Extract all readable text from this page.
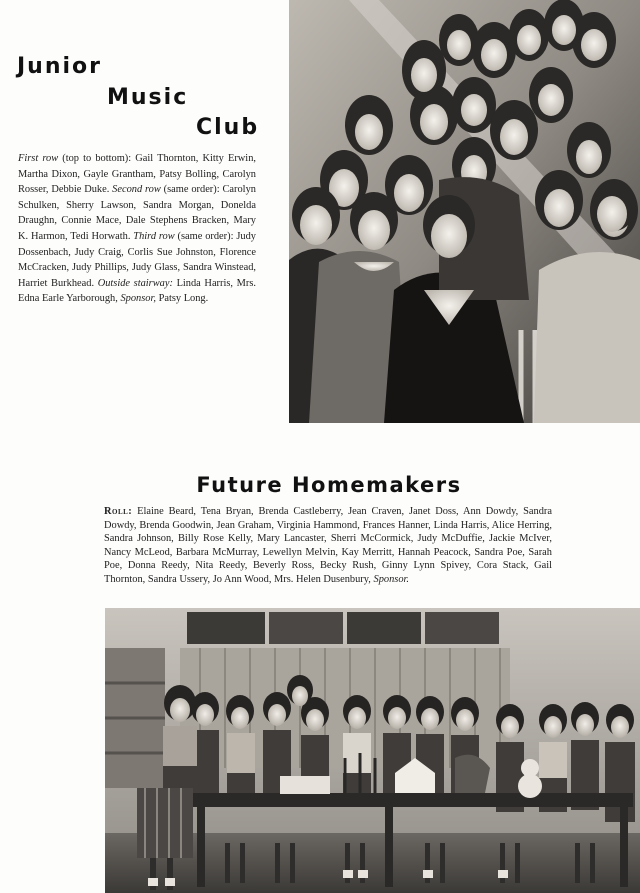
Junior
Music
Club
First row (top to bottom): Gail Thornton, Kitty Erwin, Martha Dixon, Gayle Grantham, Patsy Bolling, Carolyn Rosser, Debbie Duke. Second row (same order): Carolyn Schulken, Sherry Lawson, Sandra Morgan, Donelda Draughn, Connie Mace, Dale Stephens Bracken, Mary K. Harmon, Tedi Horwath. Third row (same order): Judy Dossenbach, Judy Craig, Corlis Sue Johnston, Florence McCracken, Judy Phillips, Judy Glass, Sandra Winstead, Harriet Burkhead. Outside stairway: Linda Harris, Mrs. Edna Earle Yarborough, Sponsor, Patsy Long.
Future Homemakers
Roll: Elaine Beard, Tena Bryan, Brenda Castleberry, Jean Craven, Janet Doss, Ann Dowdy, Sandra Dowdy, Brenda Goodwin, Jean Graham, Virginia Hammond, Frances Hanner, Linda Harris, Alice Herring, Sandra Johnson, Billy Rose Kelly, Mary Lancaster, Sherri McCormick, Judy McDuffie, Jackie McIver, Nancy McLeod, Barbara McMurray, Lewellyn Melvin, Kay Merritt, Hannah Peacock, Sandra Poe, Sarah Poe, Donna Reedy, Nita Reedy, Beverly Ross, Becky Rush, Ginny Lynn Spivey, Cora Stack, Gail Thornton, Sandra Ussery, Jo Ann Wood, Mrs. Helen Dusenbury, Sponsor.
